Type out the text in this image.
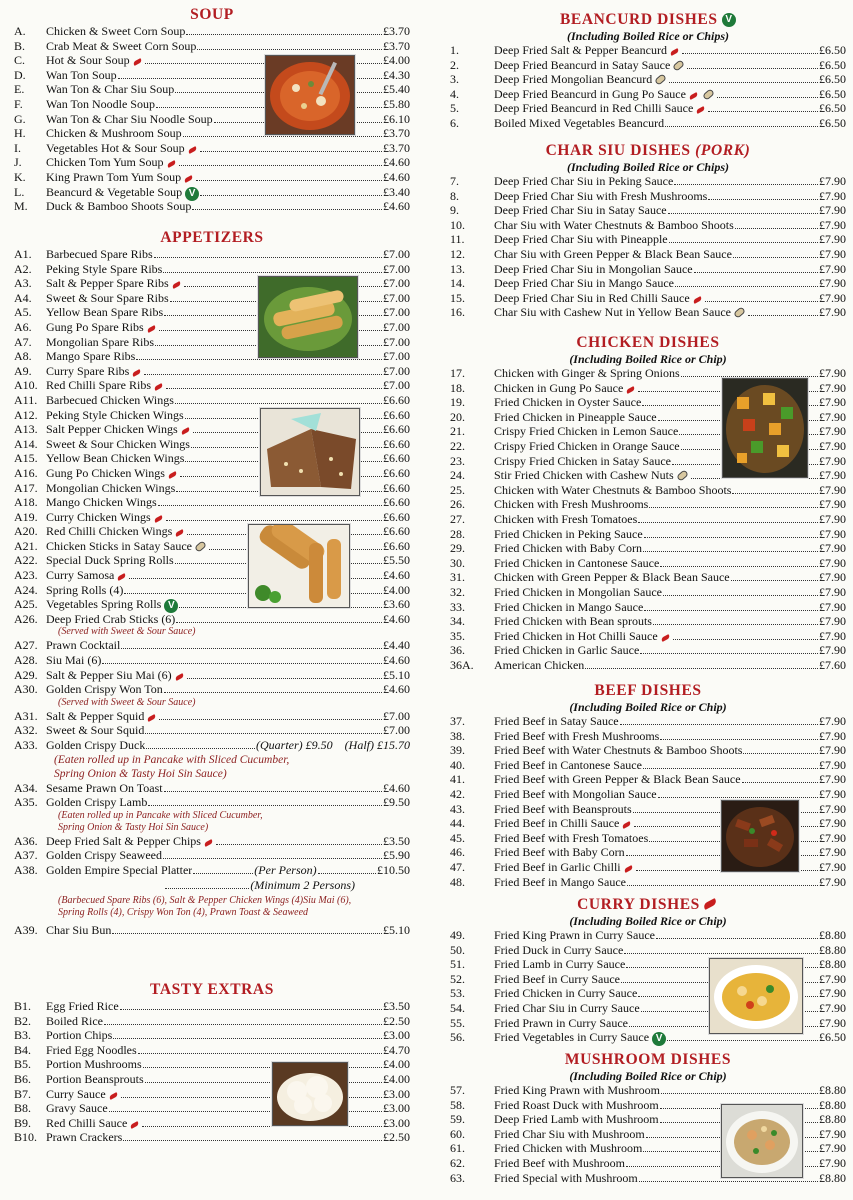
SOUP
A.	Chicken & Sweet Corn Soup	£3.70
B.	Crab Meat & Sweet Corn Soup	£3.70
C.	Hot & Sour Soup	£4.00
D.	Wan Ton Soup	£4.30
E.	Wan Ton & Char Siu Soup	£5.40
F.	Wan Ton Noodle Soup	£5.80
G.	Wan Ton & Char Siu Noodle Soup	£6.10
H.	Chicken & Mushroom Soup	£3.70
I.	Vegetables Hot & Sour Soup	£3.70
J.	Chicken Tom Yum Soup	£4.60
K.	King Prawn Tom Yum Soup	£4.60
L.	Beancurd & Vegetable Soup V	£3.40
M.	Duck & Bamboo Shoots Soup	£4.60
APPETIZERS
A1.	Barbecued Spare Ribs	£7.00
A2.	Peking Style Spare Ribs	£7.00
A3.	Salt & Pepper Spare Ribs	£7.00
A4.	Sweet & Sour Spare Ribs	£7.00
A5.	Yellow Bean Spare Ribs	£7.00
A6.	Gung Po Spare Ribs	£7.00
A7.	Mongolian Spare Ribs	£7.00
A8.	Mango Spare Ribs	£7.00
A9.	Curry Spare Ribs	£7.00
A10. Red Chilli Spare Ribs	£7.00
A11. Barbecued Chicken Wings	£6.60
A12. Peking Style Chicken Wings	£6.60
A13. Salt Pepper Chicken Wings	£6.60
A14. Sweet & Sour Chicken Wings	£6.60
A15. Yellow Bean Chicken Wings	£6.60
A16. Gung Po Chicken Wings	£6.60
A17. Mongolian Chicken Wings	£6.60
A18. Mango Chicken Wings	£6.60
A19. Curry Chicken Wings	£6.60
A20. Red Chilli Chicken Wings	£6.60
A21. Chicken Sticks in Satay Sauce	£6.60
A22. Special Duck Spring Rolls	£5.50
A23. Curry Samosa	£4.60
A24. Spring Rolls (4)	£4.00
A25. Vegetables Spring Rolls V	£3.60
A26. Deep Fried Crab Sticks (6)	£4.60
(Served with Sweet & Sour Sauce)
A27. Prawn Cocktail	£4.40
A28. Siu Mai (6)	£4.60
A29. Salt & Pepper Siu Mai (6)	£5.10
A30. Golden Crispy Won Ton	£4.60
(Served with Sweet & Sour Sauce)
A31. Salt & Pepper Squid	£7.00
A32. Sweet & Sour Squid	£7.00
A33. Golden Crispy Duck	(Quarter) £9.50 (Half) £15.70
(Eaten rolled up in Pancake with Sliced Cucumber,
Spring Onion & Tasty Hoi Sin Sauce)
A34. Sesame Prawn On Toast	£4.60
A35. Golden Crispy Lamb	£9.50
(Eaten rolled up in Pancake with Sliced Cucumber,
Spring Onion & Tasty Hoi Sin Sauce)
A36. Deep Fried Salt & Pepper Chips	£3.50
A37. Golden Crispy Seaweed	£5.90
A38. Golden Empire Special Platter	(Per Person)	£10.50
(Minimum 2 Persons)
(Barbecued Spare Ribs (6), Salt & Pepper Chicken Wings (4)Siu Mai (6),
Spring Rolls (4), Crispy Won Ton (4), Prawn Toast & Seaweed
A39. Char Siu Bun	£5.10
TASTY EXTRAS
B1.	Egg Fried Rice	£3.50
B2.	Boiled Rice	£2.50
B3.	Portion Chips	£3.00
B4.	Fried Egg Noodles	£4.70
B5.	Portion Mushrooms	£4.00
B6.	Portion Beansprouts	£4.00
B7.	Curry Sauce	£3.00
B8.	Gravy Sauce	£3.00
B9.	Red Chilli Sauce	£3.00
B10. Prawn Crackers	£2.50
BEANCURD DISHES V
(Including Boiled Rice or Chips)
1.	Deep Fried Salt & Pepper Beancurd	£6.50
2.	Deep Fried Beancurd in Satay Sauce	£6.50
3.	Deep Fried Mongolian Beancurd	£6.50
4.	Deep Fried Beancurd in Gung Po Sauce	£6.50
5.	Deep Fried Beancurd in Red Chilli Sauce	£6.50
6.	Boiled Mixed Vegetables Beancurd	£6.50
CHAR SIU DISHES (PORK)
(Including Boiled Rice or Chips)
7.	Deep Fried Char Siu in Peking Sauce	£7.90
8.	Deep Fried Char Siu with Fresh Mushrooms	£7.90
9.	Deep Fried Char Siu in Satay Sauce	£7.90
10.	Char Siu with Water Chestnuts & Bamboo Shoots	£7.90
11.	Deep Fried Char Siu with Pineapple	£7.90
12.	Char Siu with Green Pepper & Black Bean Sauce	£7.90
13.	Deep Fried Char Siu in Mongolian Sauce	£7.90
14.	Deep Fried Char Siu in Mango Sauce	£7.90
15.	Deep Fried Char Siu in Red Chilli Sauce	£7.90
16.	Char Siu with Cashew Nut in Yellow Bean Sauce	£7.90
CHICKEN DISHES
(Including Boiled Rice or Chip)
17.	Chicken with Ginger & Spring Onions	£7.90
18.	Chicken in Gung Po Sauce	£7.90
19.	Fried Chicken in Oyster Sauce	£7.90
20.	Fried Chicken in Pineapple Sauce	£7.90
21.	Crispy Fried Chicken in Lemon Sauce	£7.90
22.	Crispy Fried Chicken in Orange Sauce	£7.90
23.	Crispy Fried Chicken in Satay Sauce	£7.90
24.	Stir Fried Chicken with Cashew Nuts	£7.90
25.	Chicken with Water Chestnuts & Bamboo Shoots	£7.90
26.	Chicken with Fresh Mushrooms	£7.90
27.	Chicken with Fresh Tomatoes	£7.90
28.	Fried Chicken in Peking Sauce	£7.90
29.	Fried Chicken with Baby Corn	£7.90
30.	Fried Chicken in Cantonese Sauce	£7.90
31.	Chicken with Green Pepper & Black Bean Sauce	£7.90
32.	Fried Chicken in Mongolian Sauce	£7.90
33.	Fried Chicken in Mango Sauce	£7.90
34.	Fried Chicken with Bean sprouts	£7.90
35.	Fried Chicken in Hot Chilli Sauce	£7.90
36.	Fried Chicken in Garlic Sauce	£7.90
36A.	American Chicken	£7.60
BEEF DISHES
(Including Boiled Rice or Chip)
37.	Fried Beef in Satay Sauce	£7.90
38.	Fried Beef with Fresh Mushrooms	£7.90
39.	Fried Beef with Water Chestnuts & Bamboo Shoots	£7.90
40.	Fried Beef in Cantonese Sauce	£7.90
41.	Fried Beef with Green Pepper & Black Bean Sauce	£7.90
42.	Fried Beef with Mongolian Sauce	£7.90
43.	Fried Beef with Beansprouts	£7.90
44.	Fried Beef in Chilli Sauce	£7.90
45.	Fried Beef with Fresh Tomatoes	£7.90
46.	Fried Beef with Baby Corn	£7.90
47.	Fried Beef in Garlic Chilli	£7.90
48.	Fried Beef in Mango Sauce	£7.90
CURRY DISHES
(Including Boiled Rice or Chip)
49.	Fried King Prawn in Curry Sauce	£8.80
50.	Fried Duck in Curry Sauce	£8.80
51.	Fried Lamb in Curry Sauce	£8.80
52.	Fried Beef in Curry Sauce	£7.90
53.	Fried Chicken in Curry Sauce	£7.90
54.	Fried Char Siu in Curry Sauce	£7.90
55.	Fried Prawn in Curry Sauce	£7.90
56.	Fried Vegetables in Curry Sauce V	£6.50
MUSHROOM DISHES
(Including Boiled Rice or Chip)
57.	Fried King Prawn with Mushroom	£8.80
58.	Fried Roast Duck with Mushroom	£8.80
59.	Deep Fried Lamb with Mushroom	£8.80
60.	Fried Char Siu with Mushroom	£7.90
61.	Fried Chicken with Mushroom	£7.90
62.	Fried Beef with Mushroom	£7.90
63.	Fried Special with Mushroom	£8.80
